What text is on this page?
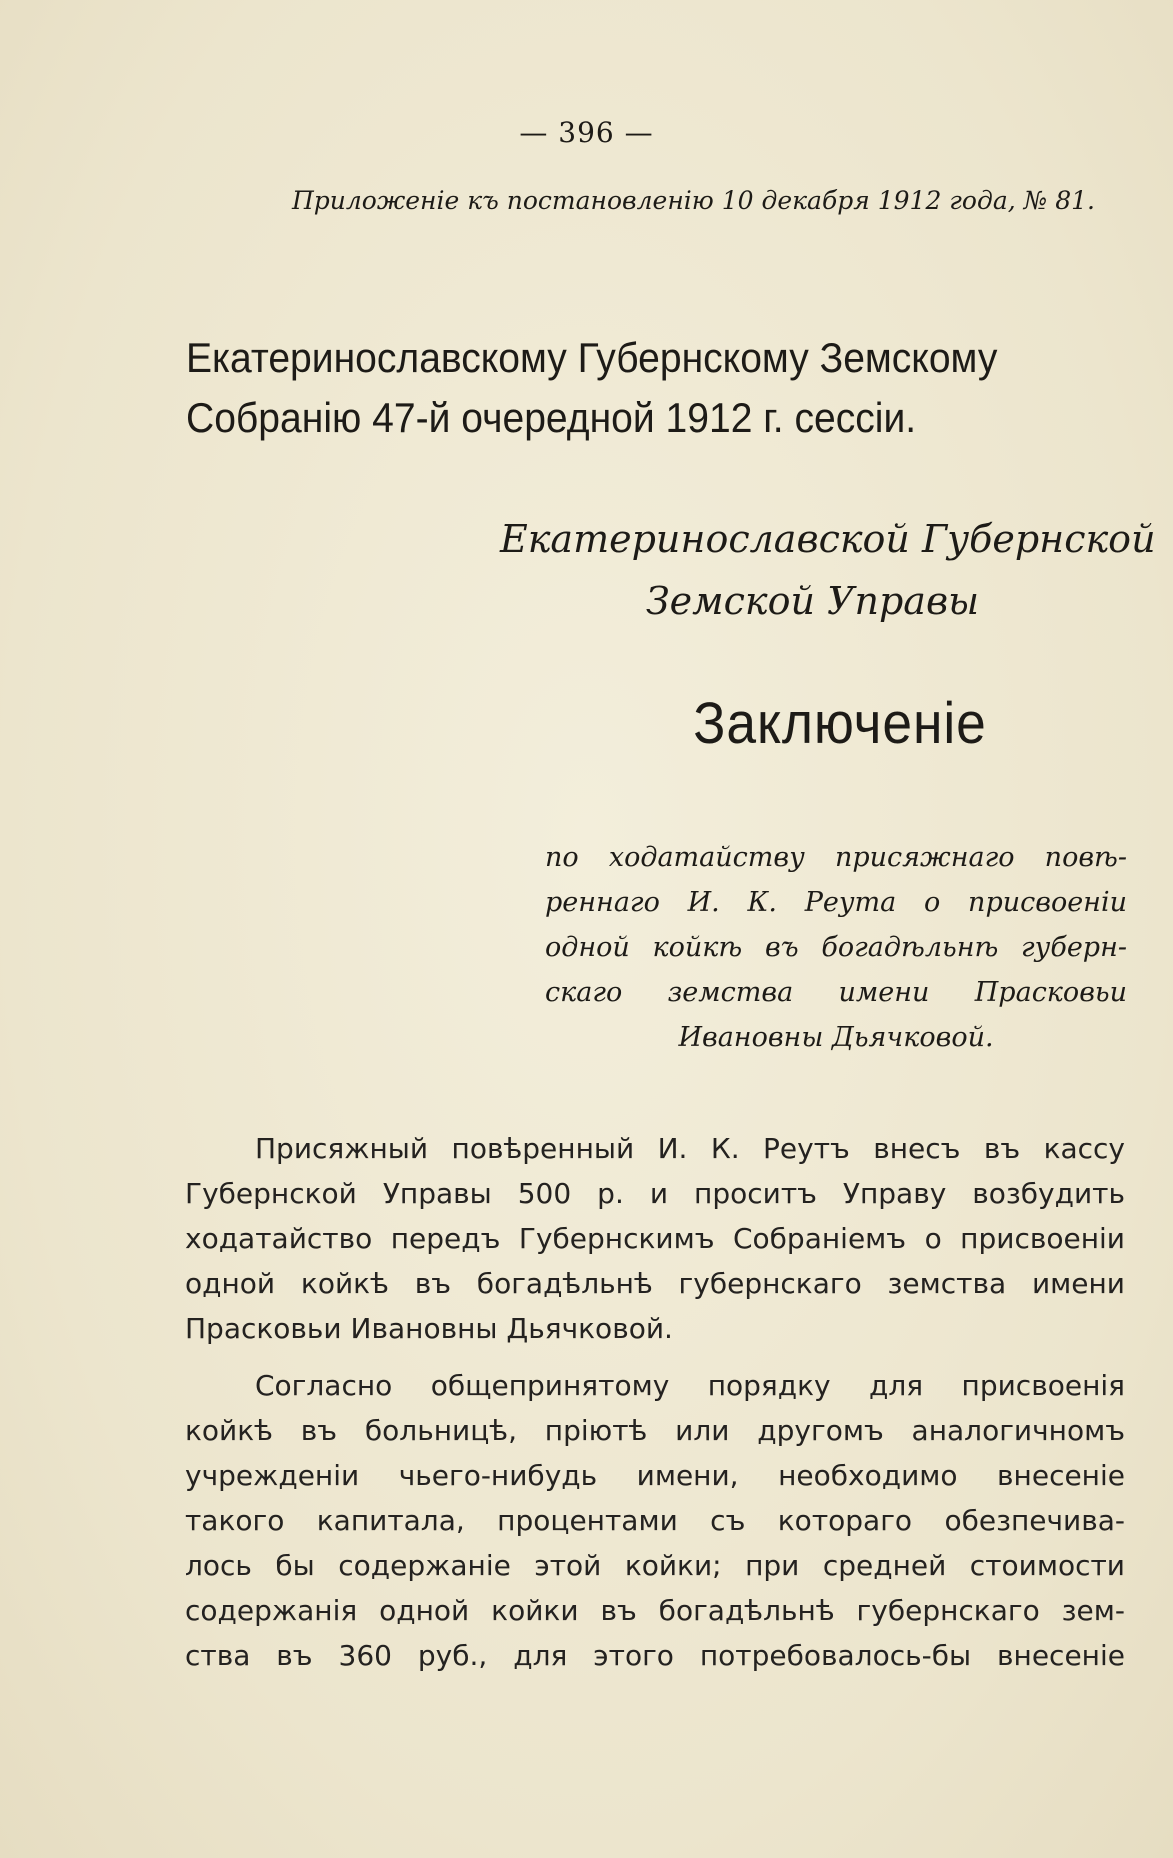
— 396 —
Приложеніе къ постановленію 10 декабря 1912 года, № 81.
Екатеринославскому Губернскому Земскому
Собранію 47-й очередной 1912 г. сессіи.
Екатеринославской Губернской
Земской Управы
Заключеніе
по ходатайству присяжнаго повѣ-
реннаго И. К. Реута о присвоеніи
одной койкѣ въ богадѣльнѣ губерн-
скаго земства имени Прасковьи
Ивановны Дьячковой.

Присяжный повѣренный И. К. Реутъ внесъ въ кассу
Губернской Управы 500 р. и проситъ Управу возбудить
ходатайство передъ Губернскимъ Собраніемъ о присвоеніи
одной койкѣ въ богадѣльнѣ губернскаго земства имени
Прасковьи Ивановны Дьячковой.

Согласно общепринятому порядку для присвоенія
койкѣ въ больницѣ, пріютѣ или другомъ аналогичномъ
учрежденіи чьего-нибудь имени, необходимо внесеніе
такого капитала, процентами съ котораго обезпечива-
лось бы содержаніе этой койки; при средней стоимости
содержанія одной койки въ богадѣльнѣ губернскаго зем-
ства въ 360 руб., для этого потребовалось-бы внесеніе
